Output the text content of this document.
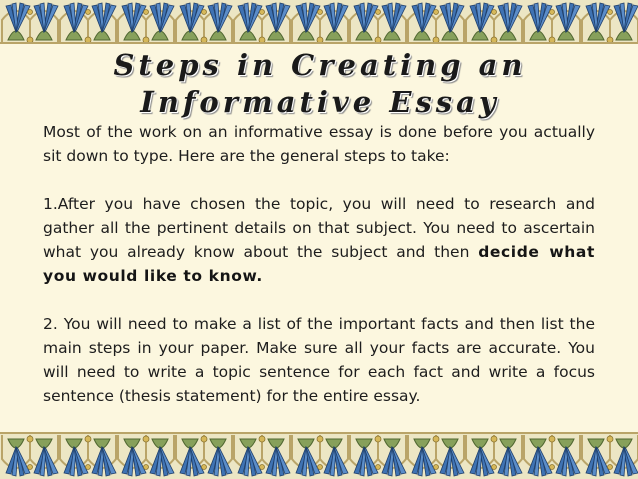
Steps in Creating an Informative Essay

Most of the work on an informative essay is done before you actually sit down to type. Here are the general steps to take:

1.After you have chosen the topic, you will need to research and gather all the pertinent details on that subject. You need to ascertain what you already know about the subject and then decide what you would like to know.

2. You will need to make a list of the important facts and then list the main steps in your paper. Make sure all your facts are accurate. You will need to write a topic sentence for each fact and write a focus sentence (thesis statement) for the entire essay.
